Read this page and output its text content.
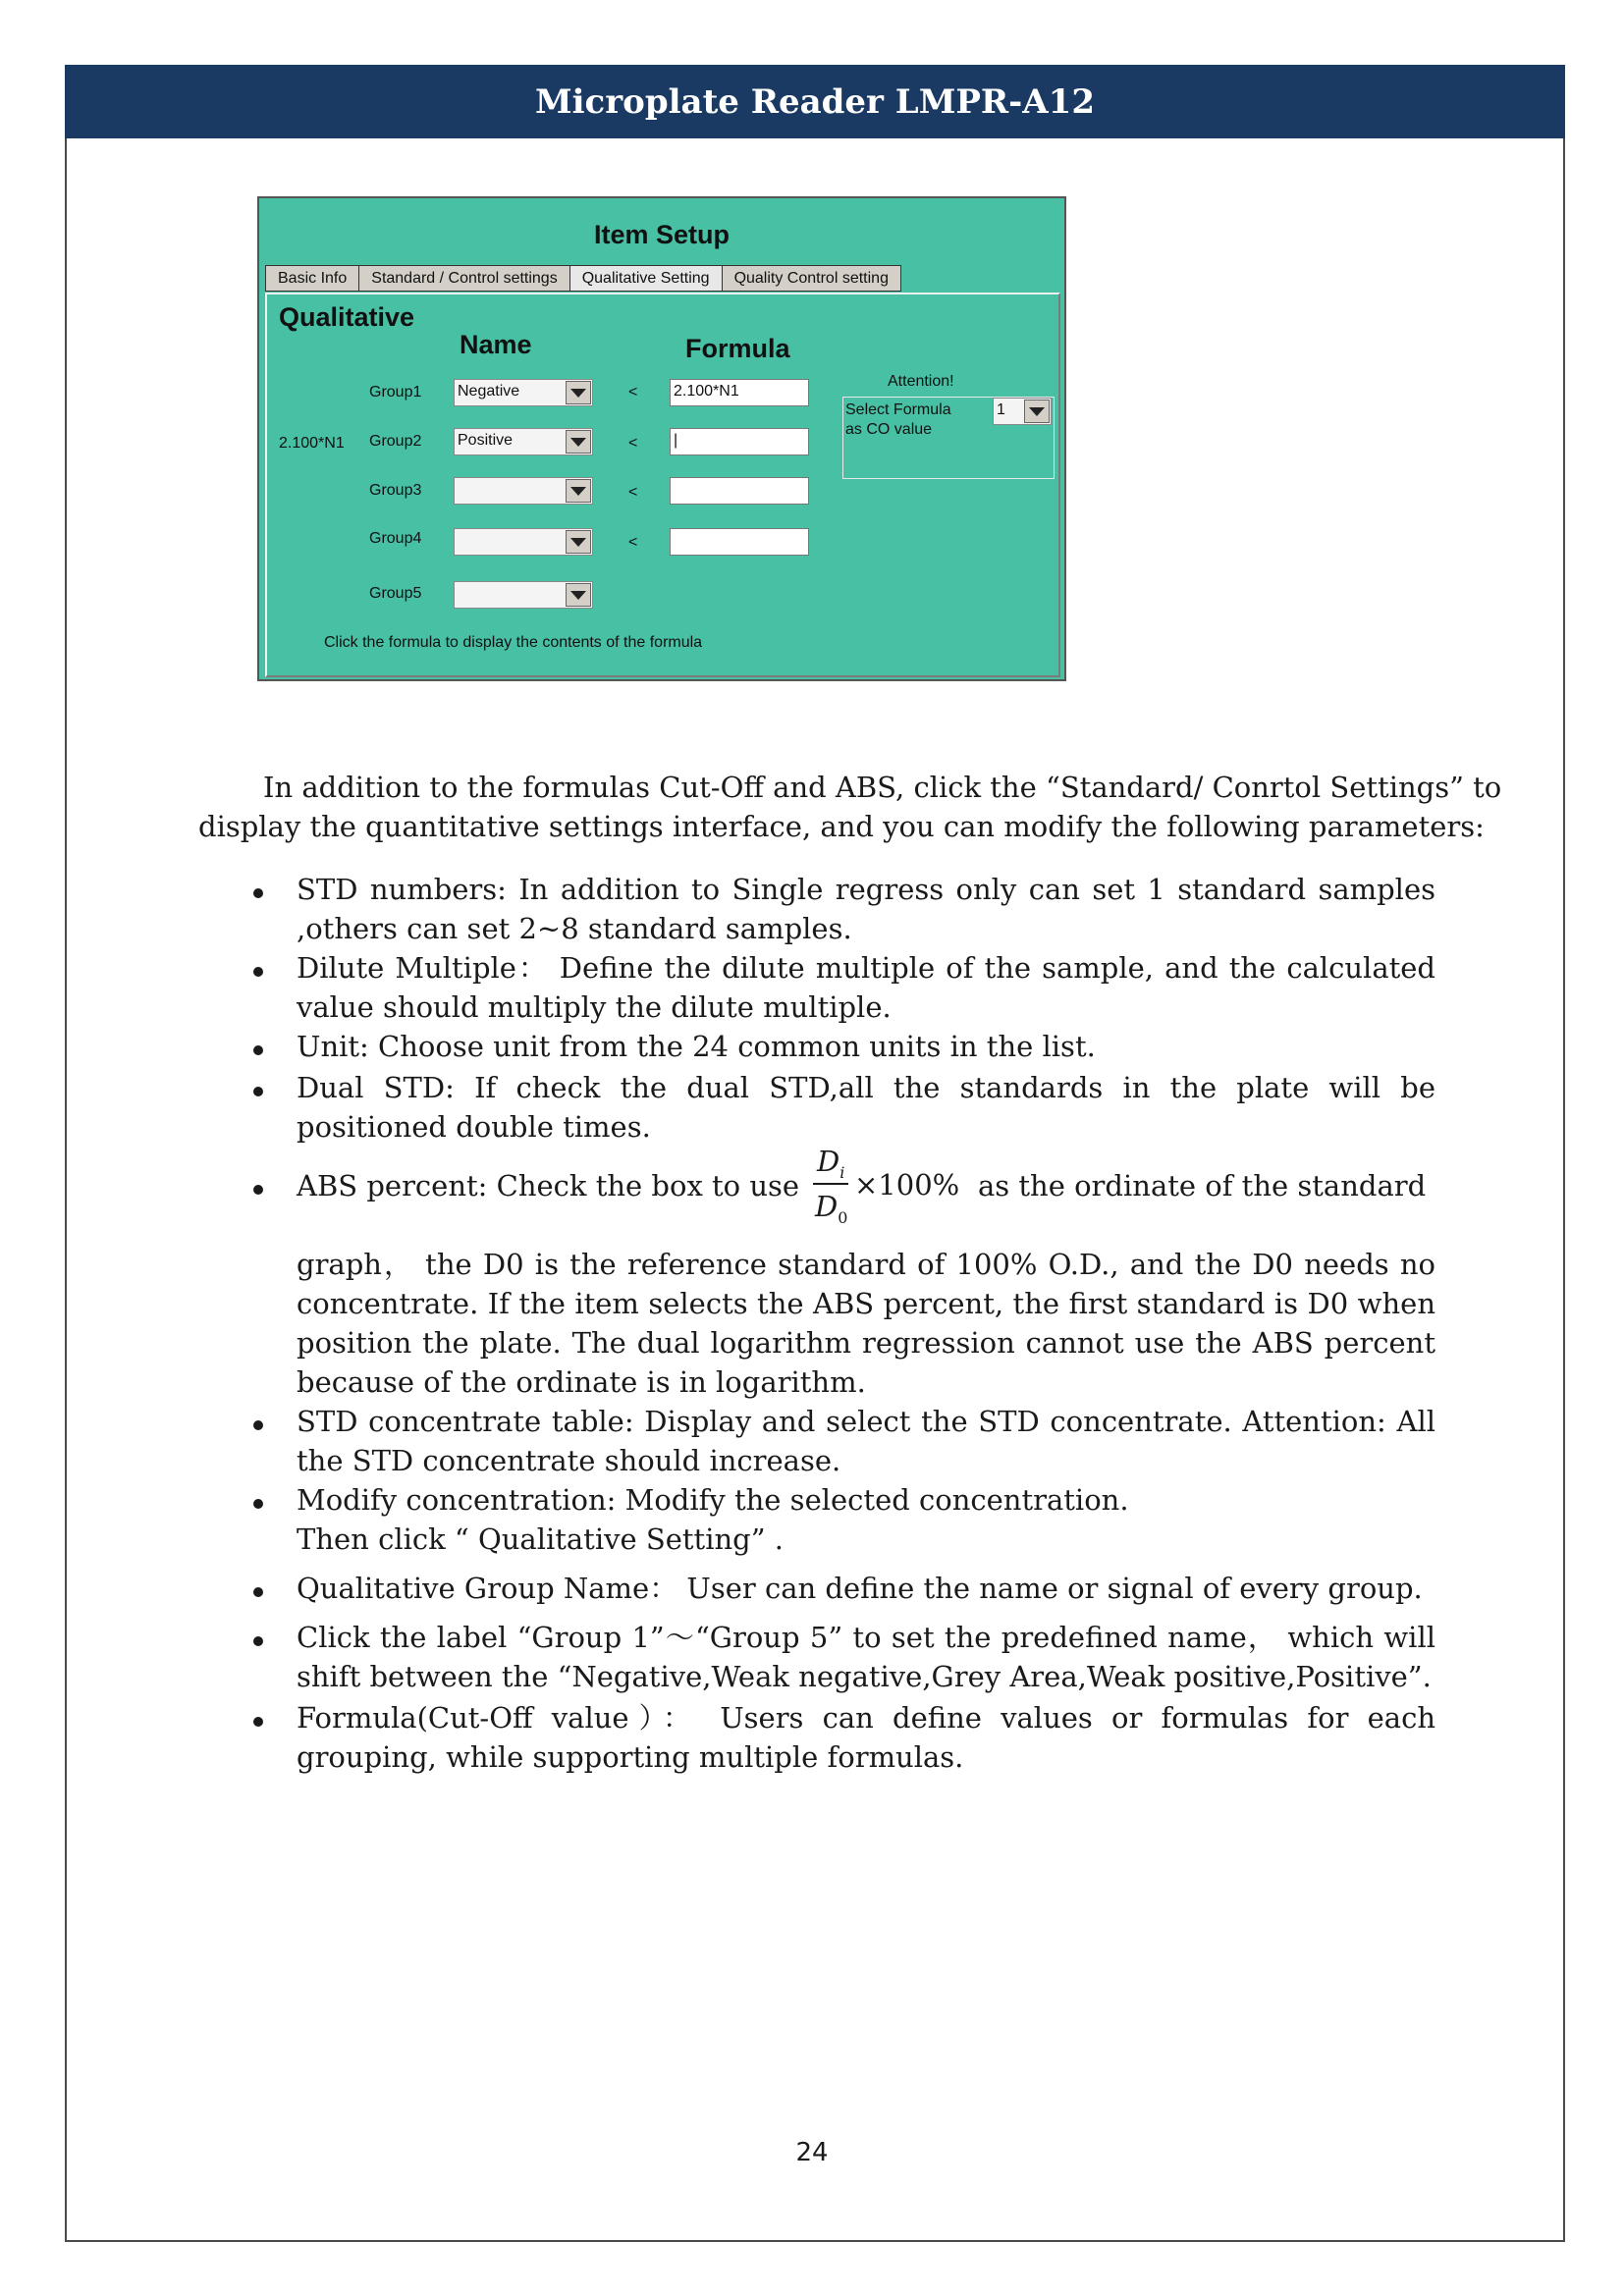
Microplate Reader LMPR-A12
Item Setup
Basic Info	Standard / Control settings	Qualitative Setting	Quality Control setting
Qualitative
Name	Formula
Group1 Negative	< 2.100*N1
2.100*N1 Group2 Positive	< |
Group3	<
Group4	<
Group5
Attention!
Select Formula
as CO value
1
Click the formula to display the contents of the formula
In addition to the formulas Cut-Off and ABS, click the “Standard/ Conrtol Settings” to
display the quantitative settings interface, and you can modify the following parameters:
STD numbers: In addition to Single regress only can set 1 standard samples ,others can set 2~8 standard samples.
Dilute Multiple： Define the dilute multiple of the sample, and the calculated value should multiply the dilute multiple.
Unit: Choose unit from the 24 common units in the list.
Dual STD: If check the dual STD,all the standards in the plate will be positioned double times.
ABS percent: Check the box to use
$D_i$
$D_0$
×100% as the ordinate of the standard
graph， the D0 is the reference standard of 100% O.D., and the D0 needs no concentrate. If the item selects the ABS percent, the first standard is D0 when position the plate. The dual logarithm regression cannot use the ABS percent because of the ordinate is in logarithm.
STD concentrate table: Display and select the STD concentrate. Attention: All the STD concentrate should increase.
Modify concentration: Modify the selected concentration.
Then click “ Qualitative Setting” .
Qualitative Group Name： User can define the name or signal of every group.
Click the label “Group 1”～“Group 5” to set the predefined name， which will shift between the “Negative,Weak negative,Grey Area,Weak positive,Positive”.
Formula(Cut-Off value）： Users can define values or formulas for each grouping, while supporting multiple formulas.
24
